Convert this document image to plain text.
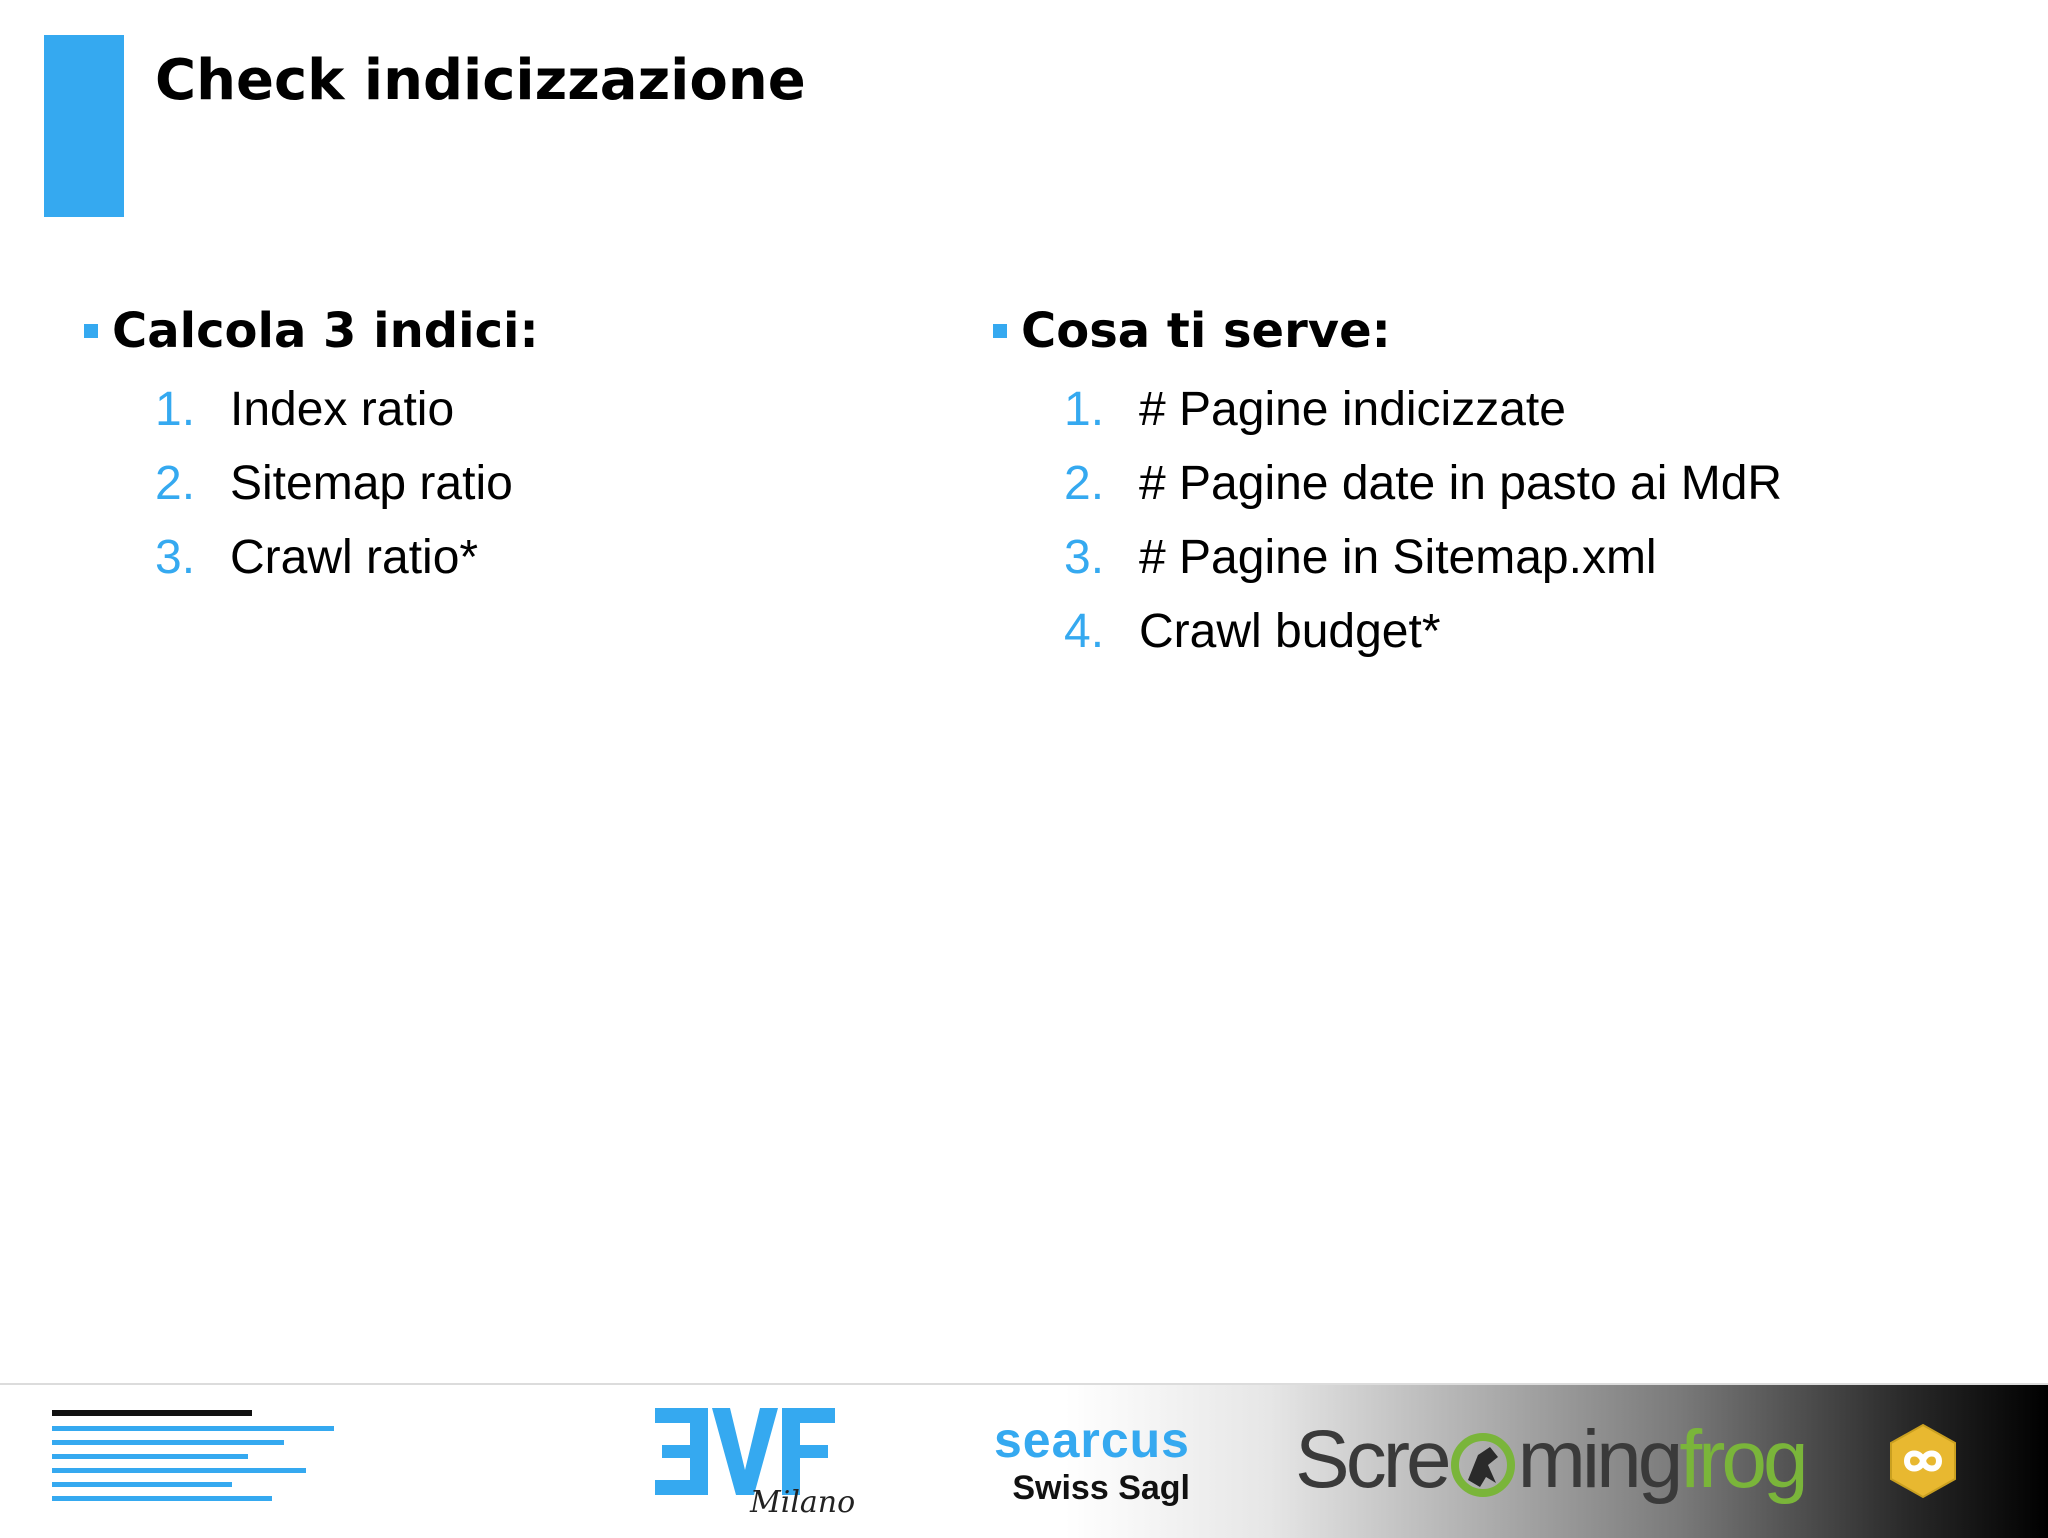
Check indicizzazione
Calcola 3 indici:
1. Index ratio
2. Sitemap ratio
3. Crawl ratio*
Cosa ti serve:
1. # Pagine indicizzate
2. # Pagine date in pasto ai MdR
3. # Pagine in Sitemap.xml
4. Crawl budget*
Milano
searcus
Swiss Sagl Scre mingfrog
